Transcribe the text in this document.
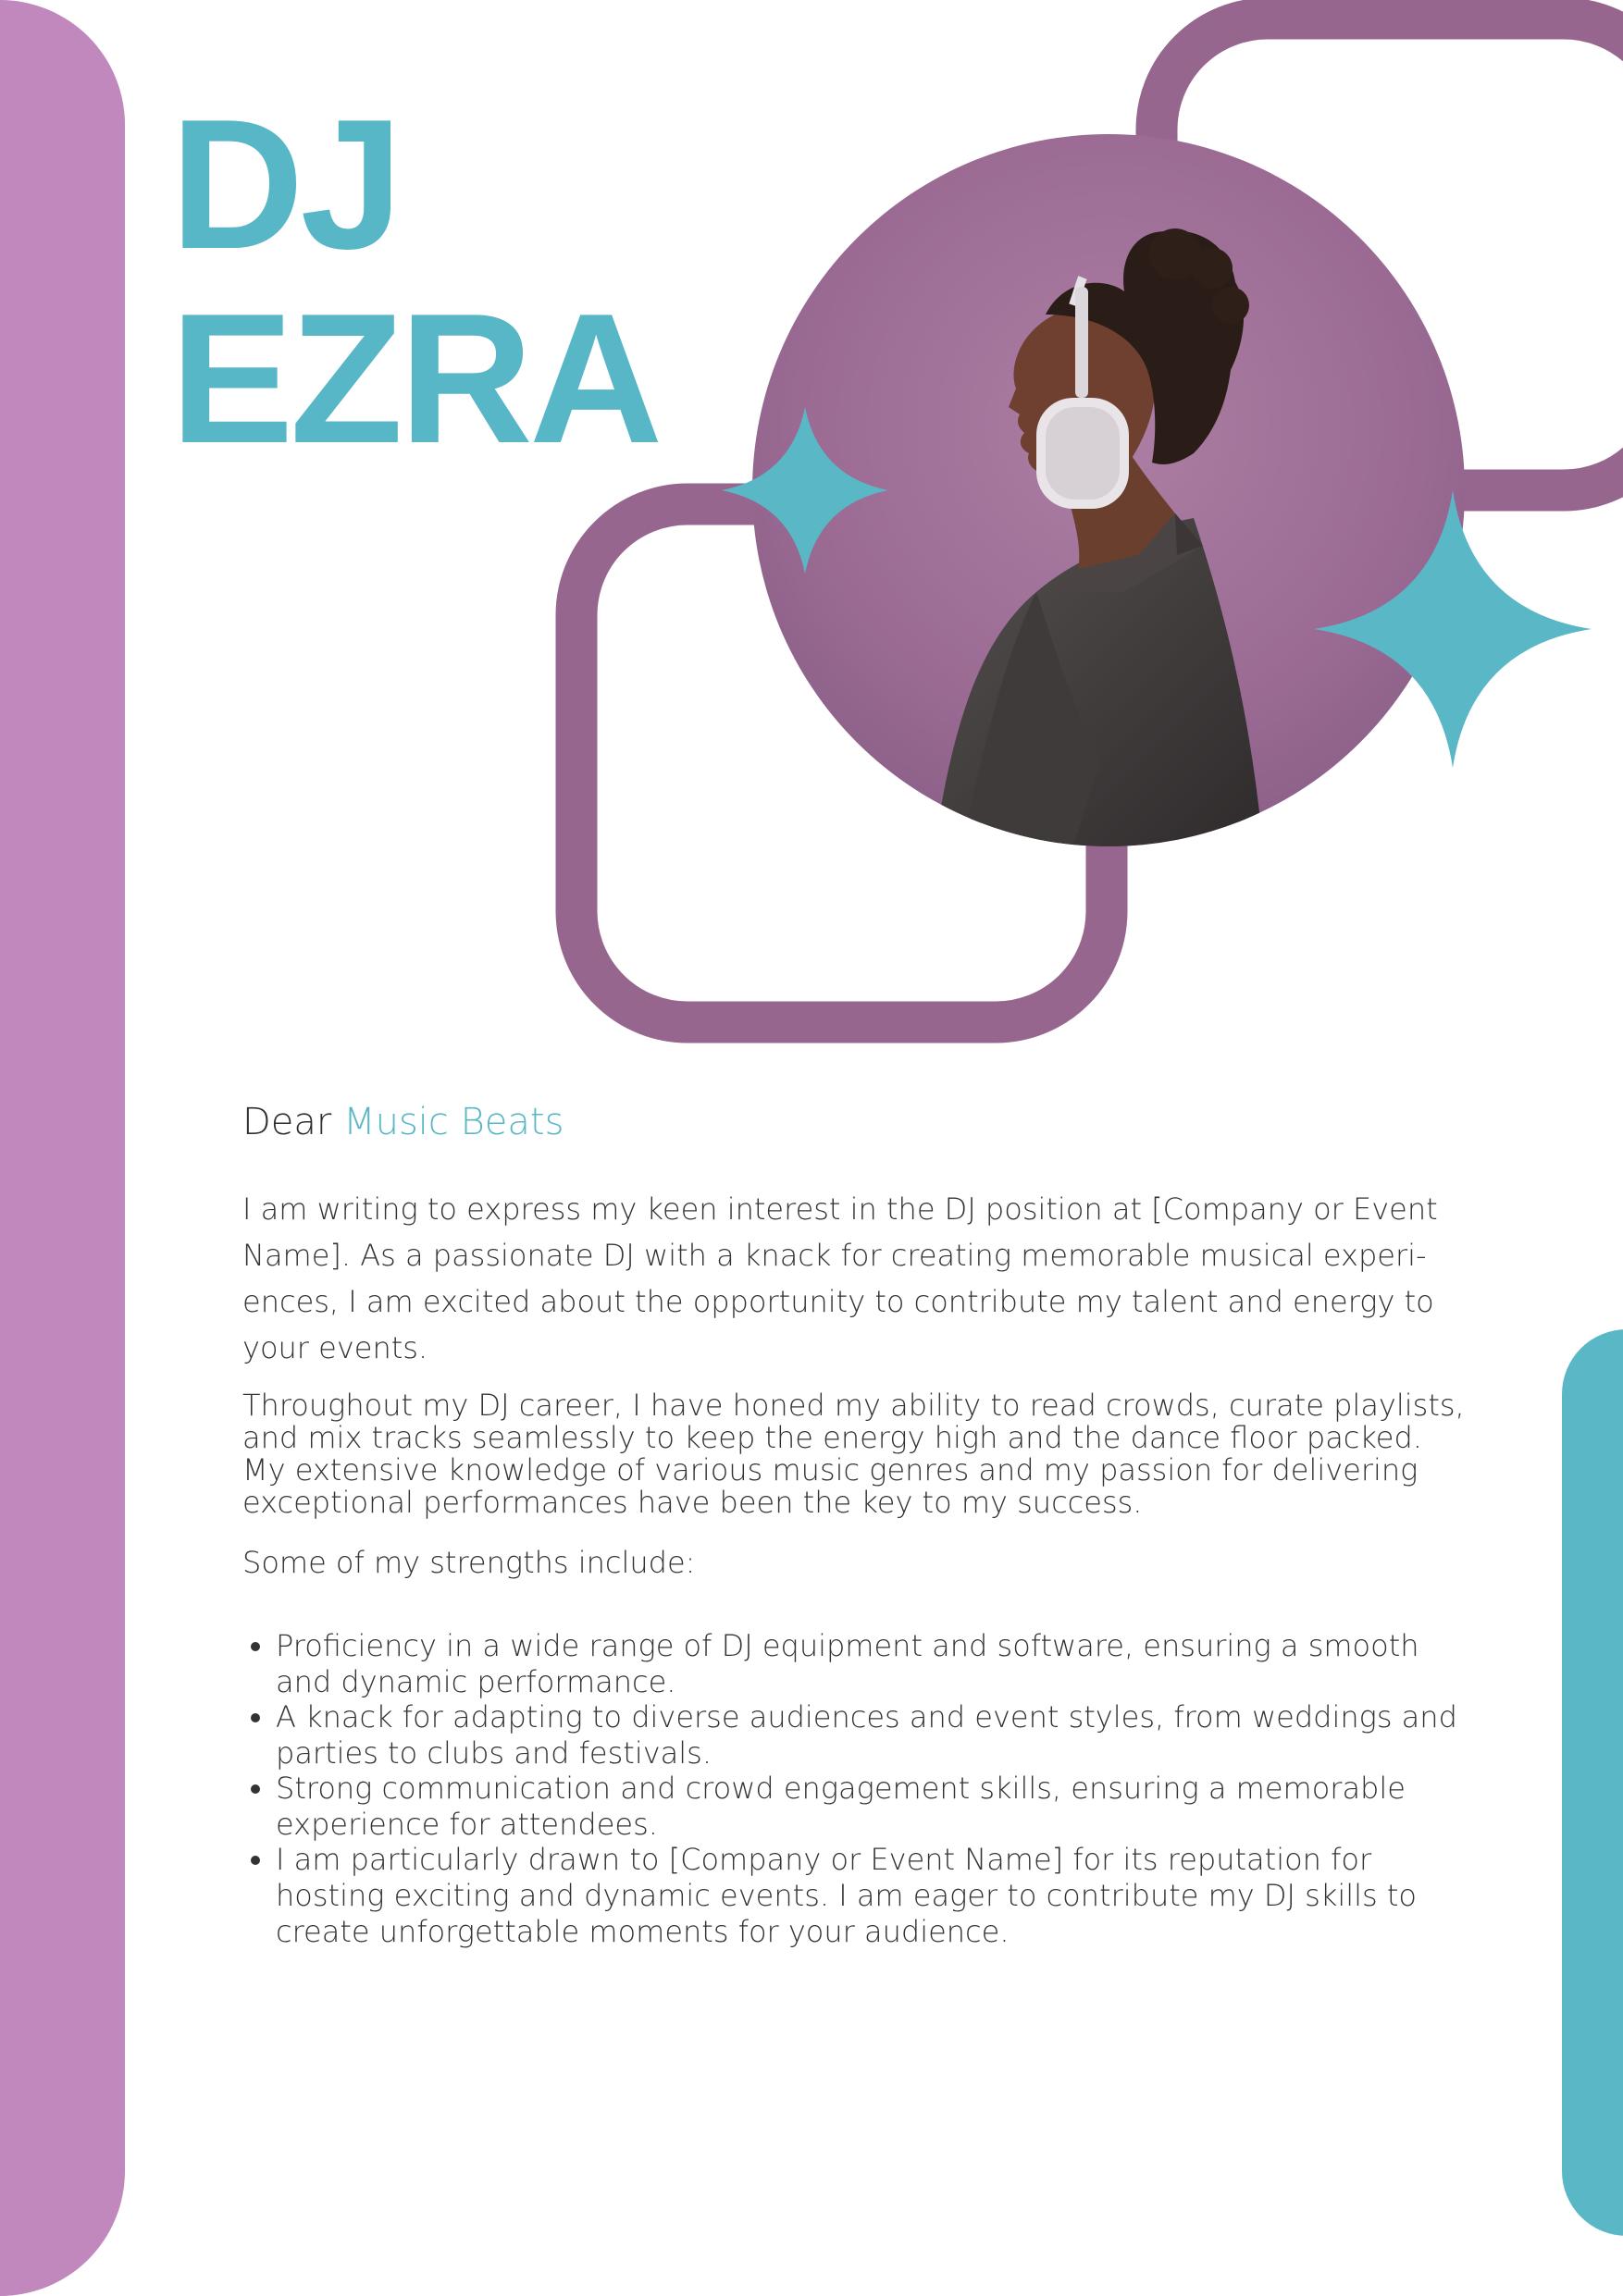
DJ
EZRA

Dear Music Beats

I am writing to express my keen interest in the DJ position at [Company or Event Name]. As a passionate DJ with a knack for creating memorable musical experiences, I am excited about the opportunity to contribute my talent and energy to your events.

Throughout my DJ career, I have honed my ability to read crowds, curate playlists, and mix tracks seamlessly to keep the energy high and the dance floor packed. My extensive knowledge of various music genres and my passion for delivering exceptional performances have been the key to my success.

Some of my strengths include:

• Proficiency in a wide range of DJ equipment and software, ensuring a smooth and dynamic performance.
• A knack for adapting to diverse audiences and event styles, from weddings and parties to clubs and festivals.
• Strong communication and crowd engagement skills, ensuring a memorable experience for attendees.
• I am particularly drawn to [Company or Event Name] for its reputation for hosting exciting and dynamic events. I am eager to contribute my DJ skills to create unforgettable moments for your audience.
